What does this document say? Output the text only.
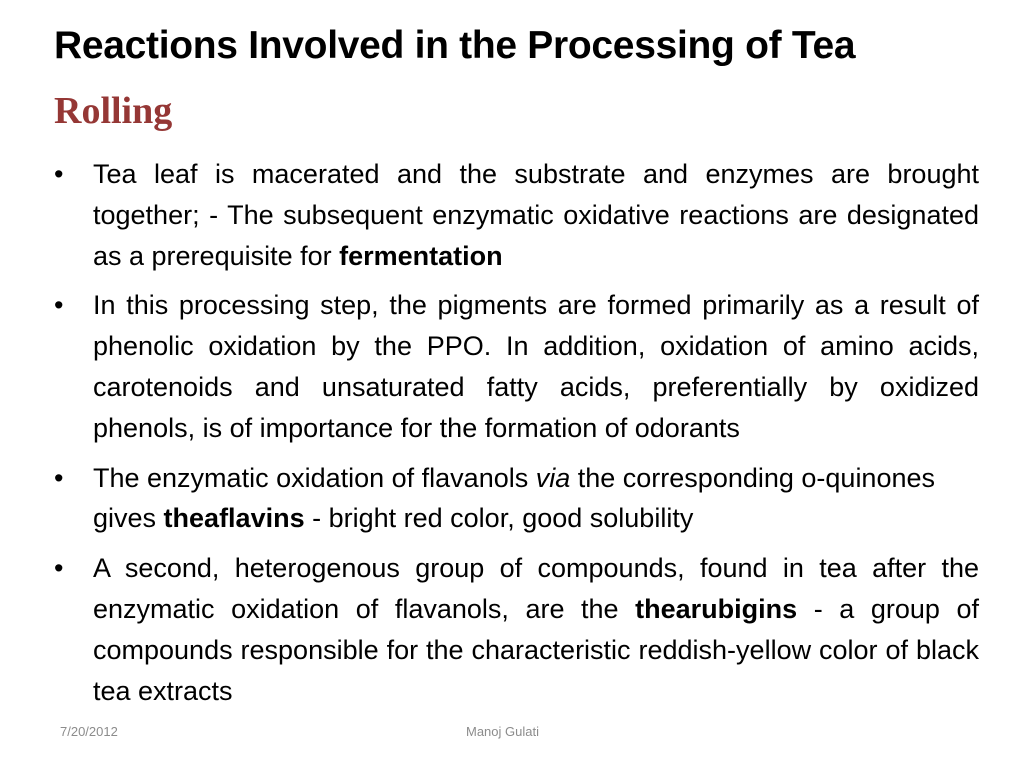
Reactions Involved in the Processing of Tea
Rolling
•
Tea leaf is macerated and the substrate and enzymes are brought together; - The subsequent enzymatic oxidative reactions are designated as a prerequisite for fermentation
•
In this processing step, the pigments are formed primarily as a result of phenolic oxidation by the PPO. In addition, oxidation of amino acids, carotenoids and unsaturated fatty acids, preferentially by oxidized phenols, is of importance for the formation of odorants
•
The enzymatic oxidation of flavanols via the corresponding o-quinones gives theaflavins - bright red color, good solubility
•
A second, heterogenous group of compounds, found in tea after the enzymatic oxidation of flavanols, are the thearubigins - a group of compounds responsible for the characteristic reddish-yellow color of black tea extracts
7/20/2012	Manoj Gulati
